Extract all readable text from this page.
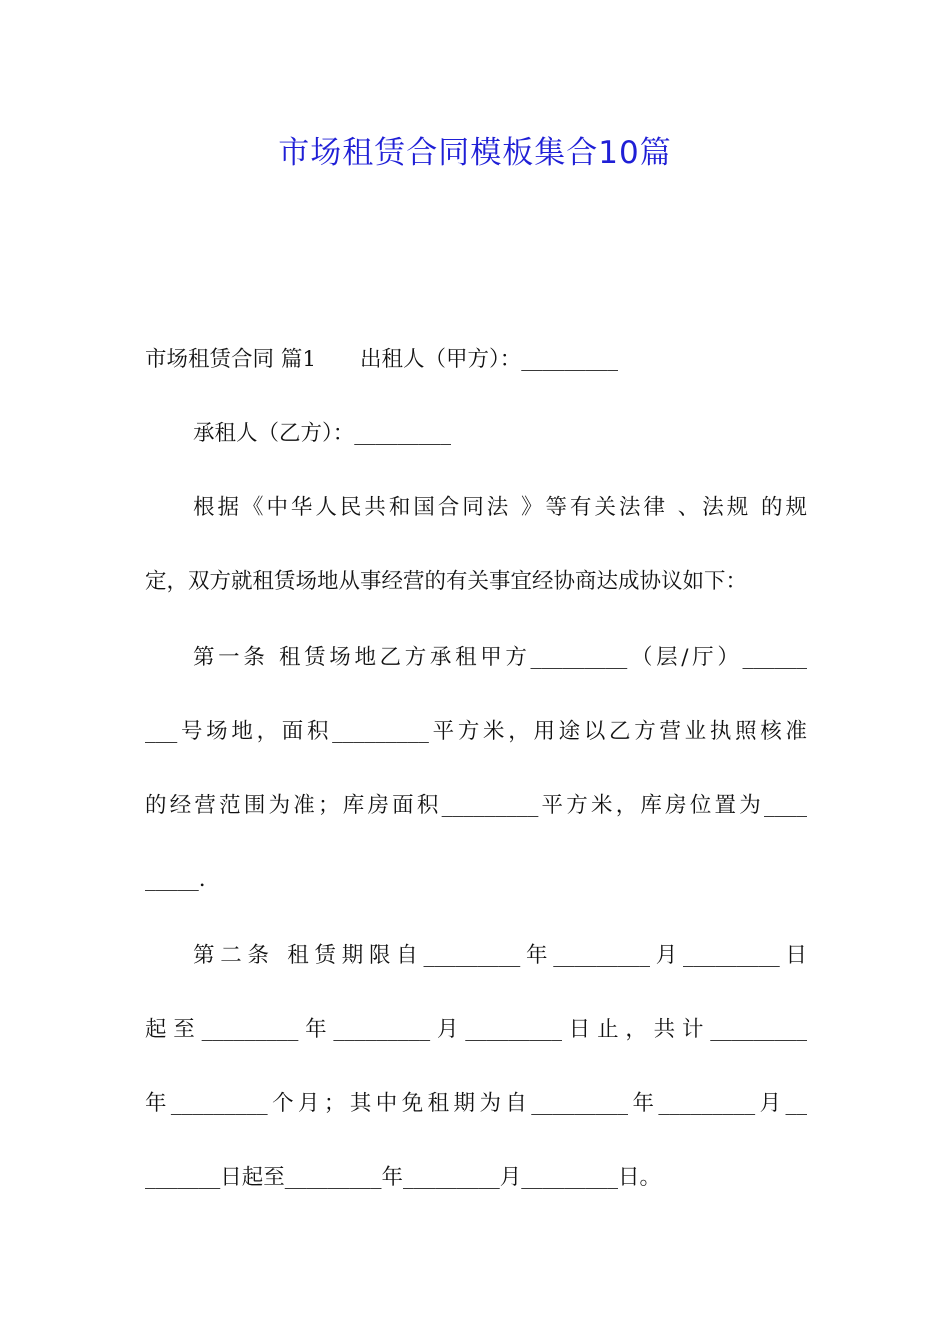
市场租赁合同模板集合10篇
市场租赁合同 篇1 出租人（甲方）：_________
承租人（乙方）：_________
根据《中华人民共和国合同法 》等有关法律 、法规 的规
定，双方就租赁场地从事经营的有关事宜经协商达成协议如下：
第一条 租赁场地乙方承租甲方_________（层/厅）______
___号场地，面积_________平方米，用途以乙方营业执照核准
的经营范围为准；库房面积_________平方米，库房位置为____
_____.
第二条 租赁期限自_________年_________月_________日
起至_________年_________月_________日止，共计_________
年_________个月；其中免租期为自_________年_________月__
_______日起至_________年_________月_________日。
